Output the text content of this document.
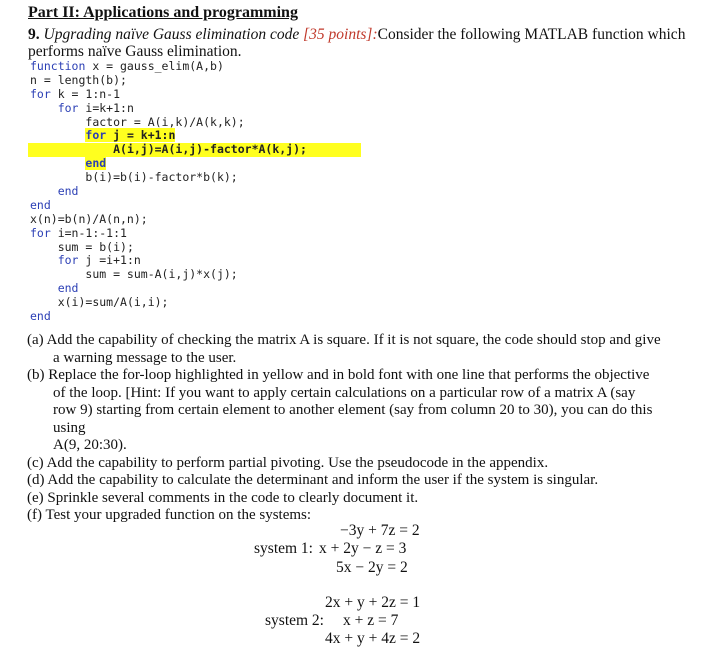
Part II: Applications and programming
9. Upgrading naïve Gauss elimination code [35 points]:Consider the following MATLAB function which
performs naïve Gauss elimination.
function x = gauss_elim(A,b)
n = length(b);
for k = 1:n-1
for i=k+1:n
factor = A(i,k)/A(k,k);
for j = k+1:n
A(i,j)=A(i,j)-factor*A(k,j);
end
b(i)=b(i)-factor*b(k);
end
end
x(n)=b(n)/A(n,n);
for i=n-1:-1:1
sum = b(i);
for j =i+1:n
sum = sum-A(i,j)*x(j);
end
x(i)=sum/A(i,i);
end
(a) Add the capability of checking the matrix A is square. If it is not square, the code should stop and give
a warning message to the user.
(b) Replace the for-loop highlighted in yellow and in bold font with one line that performs the objective
of the loop. [Hint: If you want to apply certain calculations on a particular row of a matrix A (say
row 9) starting from certain element to another element (say from column 20 to 30), you can do this
using
A(9, 20:30).
(c) Add the capability to perform partial pivoting. Use the pseudocode in the appendix.
(d) Add the capability to calculate the determinant and inform the user if the system is singular.
(e) Sprinkle several comments in the code to clearly document it.
(f) Test your upgraded function on the systems:
−3y + 7z = 2
system 1: x + 2y − z = 3
5x − 2y = 2
2x + y + 2z = 1
system 2: x + z = 7
4x + y + 4z = 2
